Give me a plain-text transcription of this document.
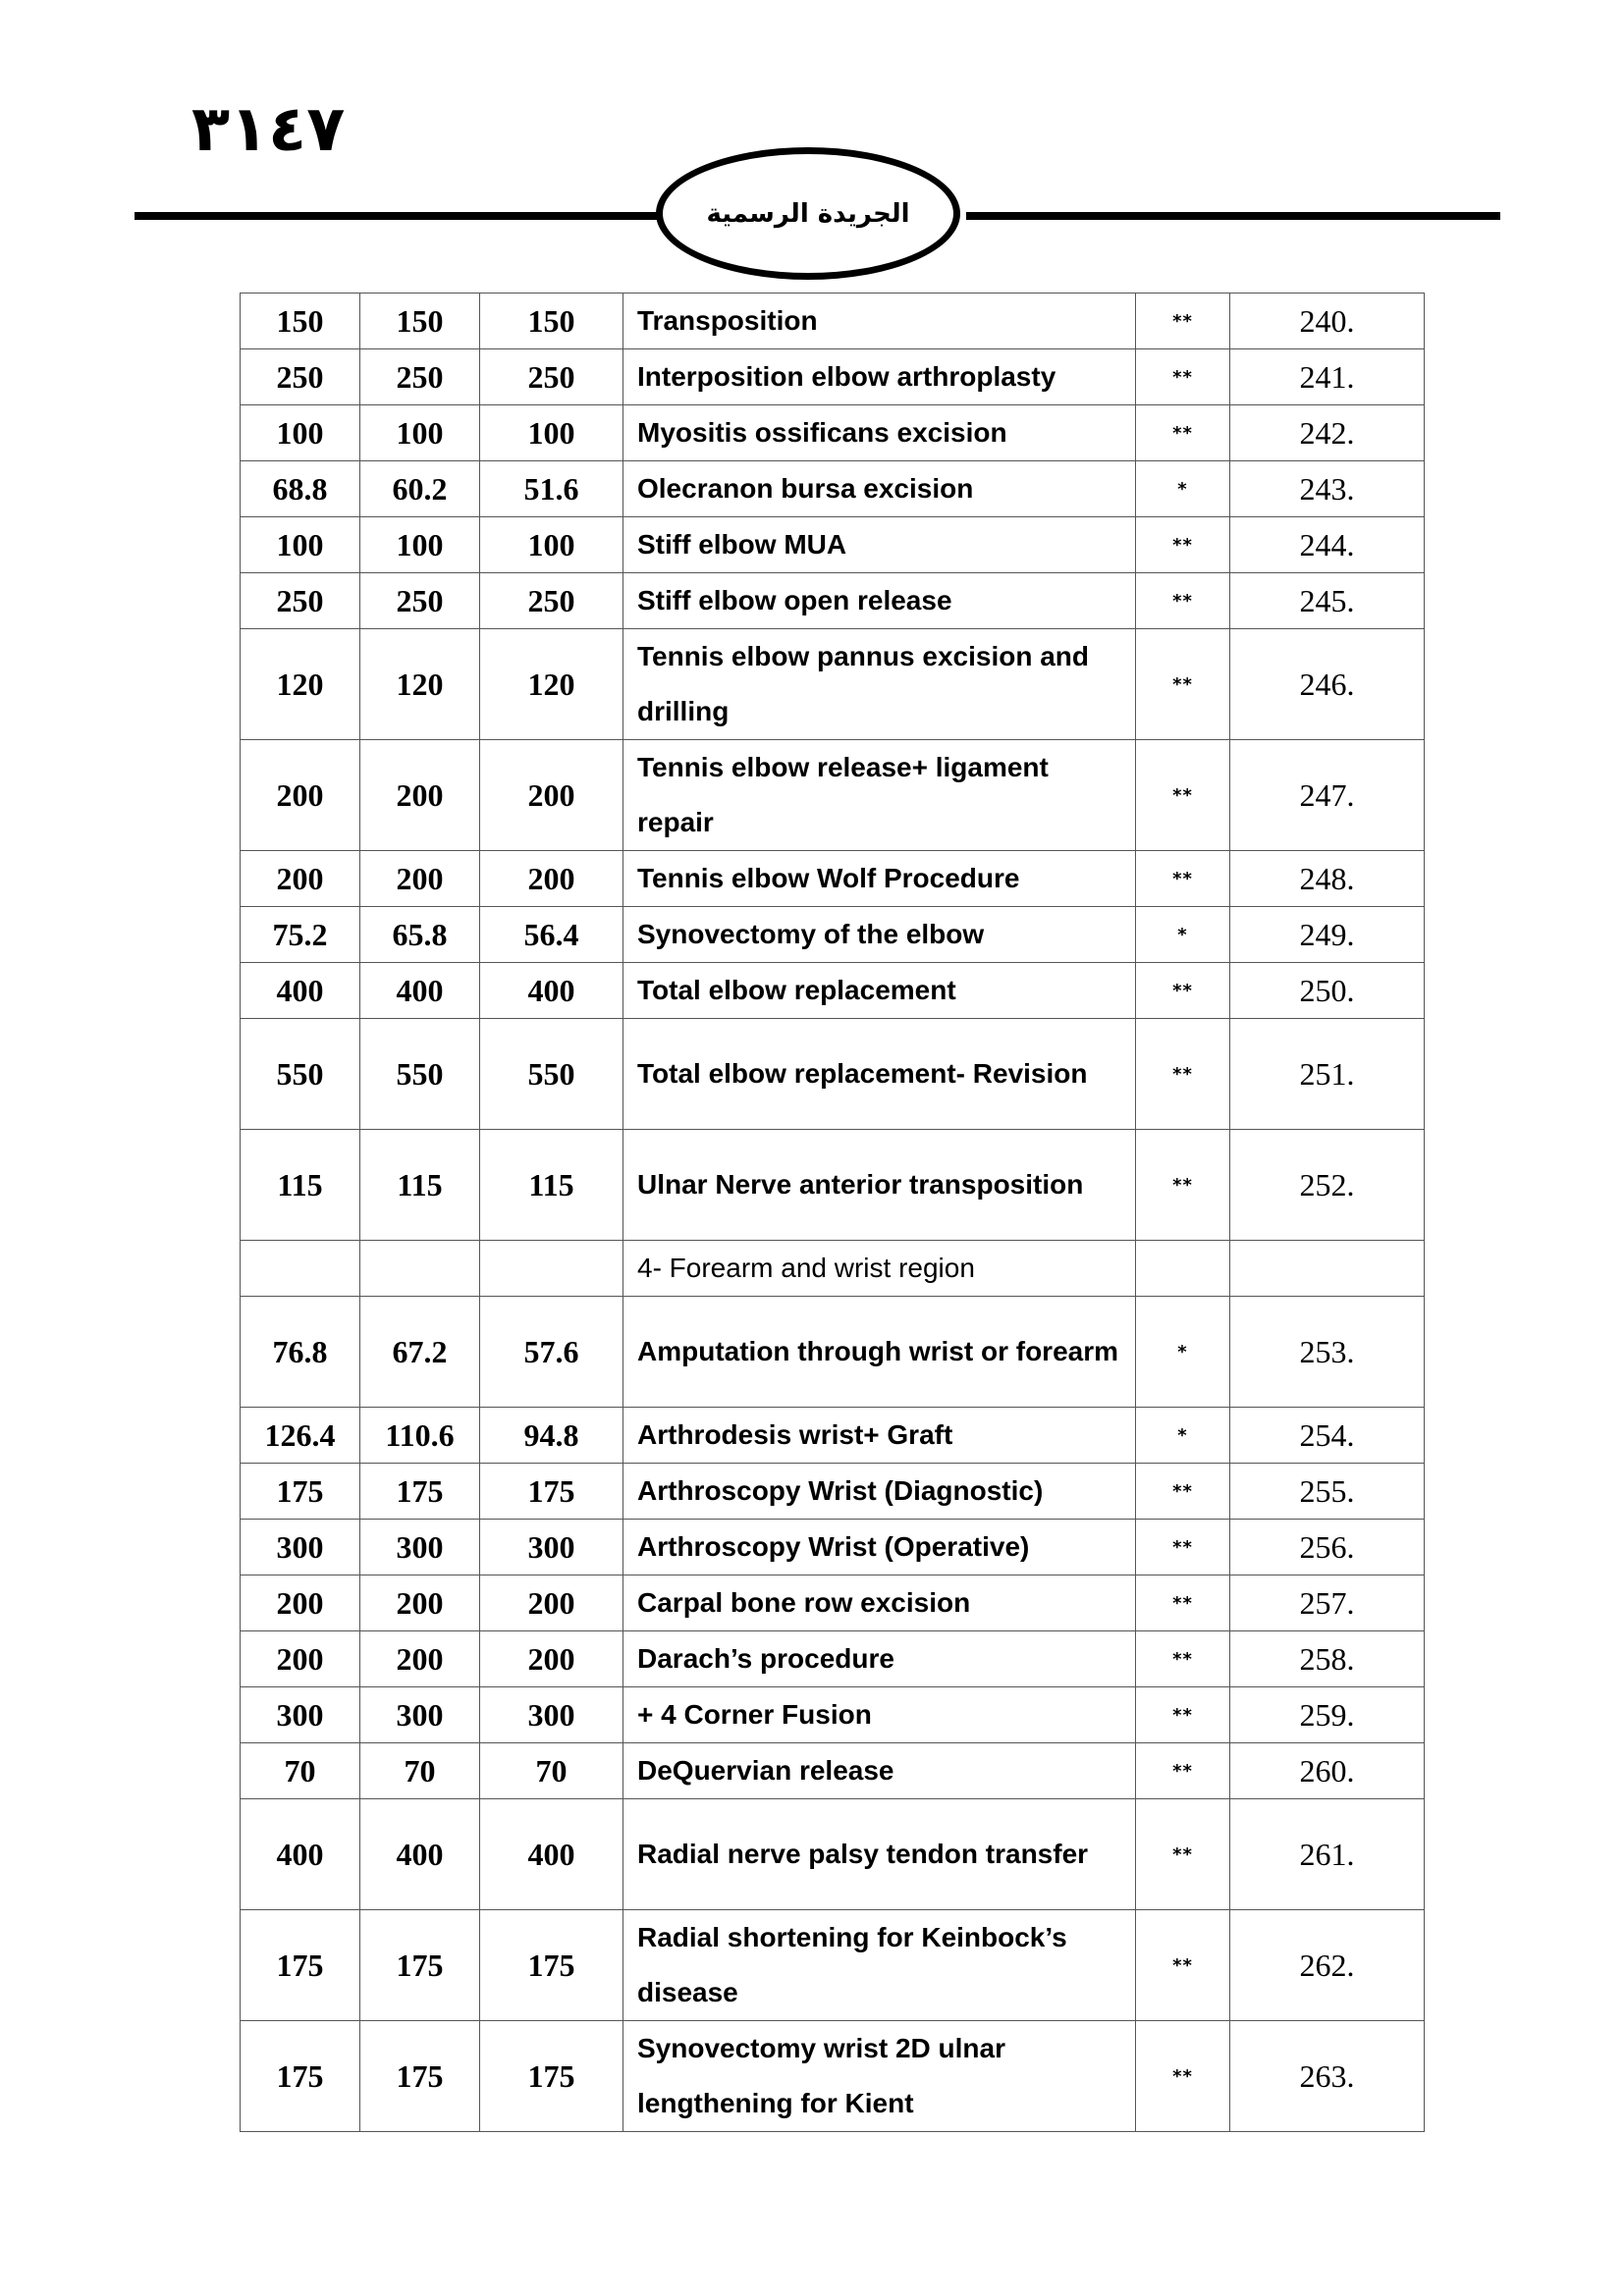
٣١٤٧
الجريدة الرسمية
150	150	150	Transposition	**	240.
250	250	250	Interposition elbow arthroplasty	**	241.
100	100	100	Myositis ossificans excision	**	242.
68.8	60.2	51.6	Olecranon bursa excision	*	243.
100	100	100	Stiff elbow MUA	**	244.
250	250	250	Stiff elbow open release	**	245.
120	120	120	Tennis elbow pannus excision and drilling	**	246.
200	200	200	Tennis elbow release+ ligament repair	**	247.
200	200	200	Tennis elbow Wolf Procedure	**	248.
75.2	65.8	56.4	Synovectomy of the elbow	*	249.
400	400	400	Total elbow replacement	**	250.
550	550	550	Total elbow replacement- Revision	**	251.
115	115	115	Ulnar Nerve anterior transposition	**	252.
			4- Forearm and wrist region		
76.8	67.2	57.6	Amputation through wrist or forearm	*	253.
126.4	110.6	94.8	Arthrodesis wrist+ Graft	*	254.
175	175	175	Arthroscopy Wrist (Diagnostic)	**	255.
300	300	300	Arthroscopy Wrist (Operative)	**	256.
200	200	200	Carpal bone row excision	**	257.
200	200	200	Darach’s procedure	**	258.
300	300	300	+ 4 Corner Fusion	**	259.
70	70	70	DeQuervian release	**	260.
400	400	400	Radial nerve palsy tendon transfer	**	261.
175	175	175	Radial shortening for Keinbock’s disease	**	262.
175	175	175	Synovectomy wrist 2D ulnar lengthening for Kient	**	263.
